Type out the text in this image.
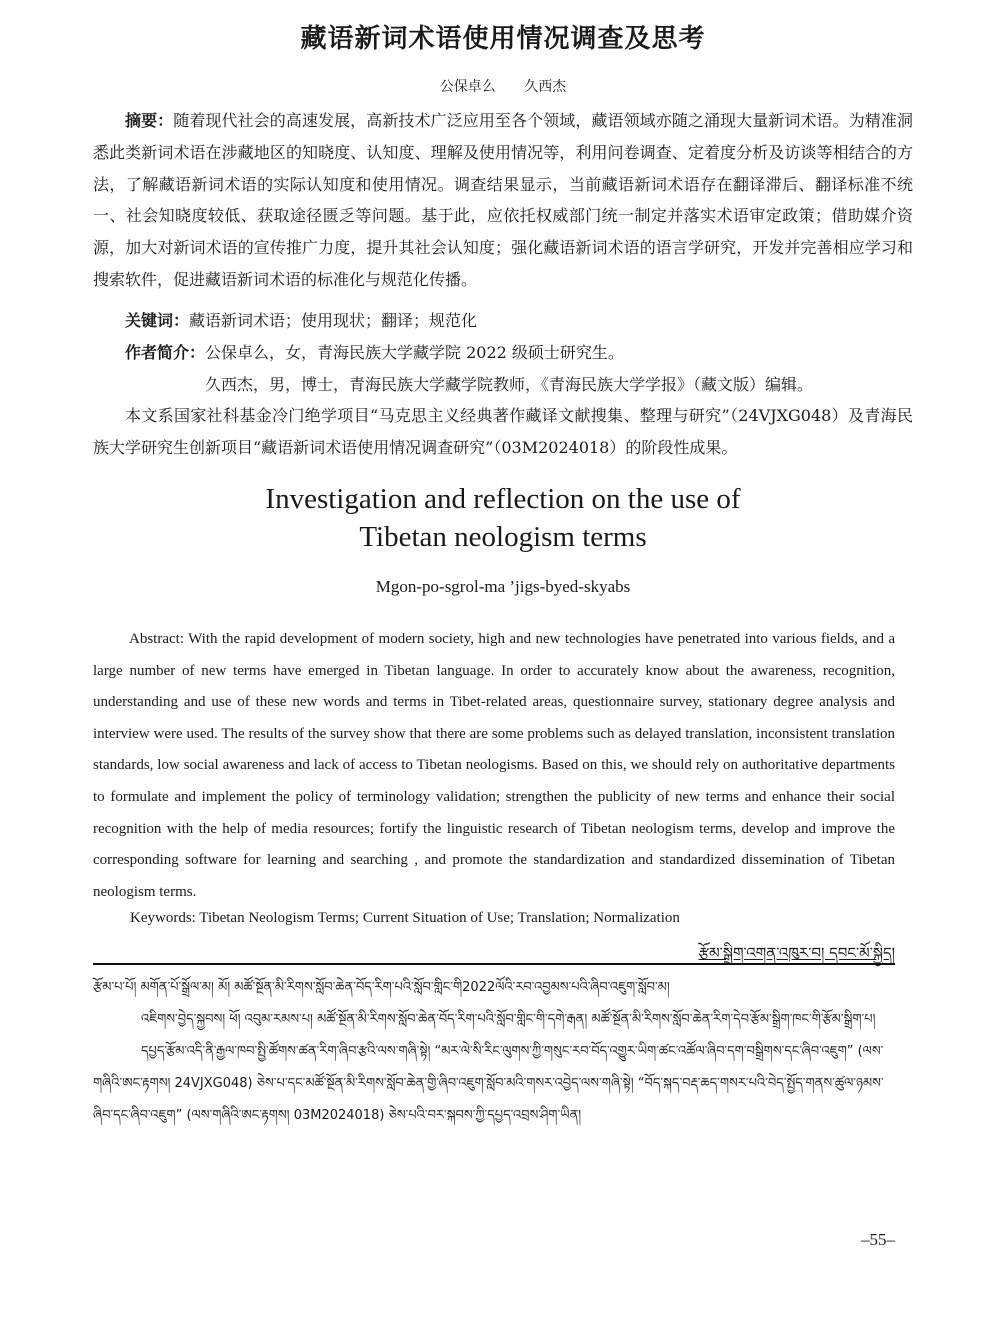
藏语新词术语使用情况调查及思考
公保卓么 久西杰

摘要：随着现代社会的高速发展，高新技术广泛应用至各个领域，藏语领域亦随之涌现大量新词术语。为精准洞悉此类新词术语在涉藏地区的知晓度、认知度、理解及使用情况等，利用问卷调查、定着度分析及访谈等相结合的方法，了解藏语新词术语的实际认知度和使用情况。调查结果显示，当前藏语新词术语存在翻译滞后、翻译标准不统一、社会知晓度较低、获取途径匮乏等问题。基于此，应依托权威部门统一制定并落实术语审定政策；借助媒介资源，加大对新词术语的宣传推广力度，提升其社会认知度；强化藏语新词术语的语言学研究，开发并完善相应学习和搜索软件，促进藏语新词术语的标准化与规范化传播。

关键词：藏语新词术语；使用现状；翻译；规范化

作者简介：公保卓么，女，青海民族大学藏学院 2022 级硕士研究生。

久西杰，男，博士，青海民族大学藏学院教师，《青海民族大学学报》（藏文版）编辑。

本文系国家社科基金冷门绝学项目“马克思主义经典著作藏译文献搜集、整理与研究”（24VJXG048）及青海民族大学研究生创新项目“藏语新词术语使用情况调查研究”（03M2024018）的阶段性成果。

Investigation and reflection on the use of
Tibetan neologism terms
Mgon-po-sgrol-ma ’jigs-byed-skyabs
Abstract: With the rapid development of modern society, high and new technologies have penetrated into various fields, and a large number of new terms have emerged in Tibetan language. In order to accurately know about the awareness, recognition, understanding and use of these new words and terms in Tibet-related areas, questionnaire survey, stationary degree analysis and interview were used. The results of the survey show that there are some problems such as delayed translation, inconsistent translation standards, low social awareness and lack of access to Tibetan neologisms. Based on this, we should rely on authoritative departments to formulate and implement the policy of terminology validation; strengthen the publicity of new terms and enhance their social recognition with the help of media resources; fortify the linguistic research of Tibetan neologism terms, develop and improve the corresponding software for learning and searching , and promote the standardization and standardized dissemination of Tibetan neologism terms.
Keywords: Tibetan Neologism Terms; Current Situation of Use; Translation; Normalization
རྩོམ་སྒྲིག་འགན་འཁུར་བ། དབང་མོ་སྐྱིད།

རྩོམ་པ་པོ། མགོན་པོ་སྒྲོལ་མ། མོ། མཚོ་སྔོན་མི་རིགས་སློབ་ཆེན་བོད་རིག་པའི་སློབ་གླིང་གི2022ལོའི་རབ་འབྱམས་པའི་ཞིབ་འཇུག་སློབ་མ།

འཇིགས་བྱེད་སྐྱབས། ཕོ། འབུམ་རམས་པ། མཚོ་སྔོན་མི་རིགས་སློབ་ཆེན་བོད་རིག་པའི་སློབ་གླིང་གི་དགེ་རྒན། མཚོ་སྔོན་མི་རིགས་སློབ་ཆེན་རིག་དེབ་རྩོམ་སྒྲིག་ཁང་གི་རྩོམ་སྒྲིག་པ།

དཔྱད་རྩོམ་འདི་ནི་རྒྱལ་ཁབ་སྤྱི་ཚོགས་ཚན་རིག་ཞིབ་རྩའི་ལས་གཞི་སྟེ། “མར་ལེ་སི་རིང་ལུགས་ཀྱི་གསུང་རབ་བོད་འགྱུར་ཡིག་ཚང་འཚོལ་ཞིབ་དག་བསྒྲིགས་དང་ཞིབ་འཇུག” (ལས་གཞིའི་ཨང་རྟགས། 24VJXG048) ཅེས་པ་དང་མཚོ་སྔོན་མི་རིགས་སློབ་ཆེན་གྱི་ཞིབ་འཇུག་སློབ་མའི་གསར་འབྱེད་ལས་གཞི་སྟེ། “བོད་སྐད་བརྡ་ཆད་གསར་པའི་བེད་སྤྱོད་གནས་ཚུལ་ཉམས་ཞིབ་དང་ཞིབ་འཇུག” (ལས་གཞིའི་ཨང་རྟགས། 03M2024018) ཅེས་པའི་བར་སྐབས་ཀྱི་དཔྱད་འབྲས་ཤིག་ཡིན།

–55–
